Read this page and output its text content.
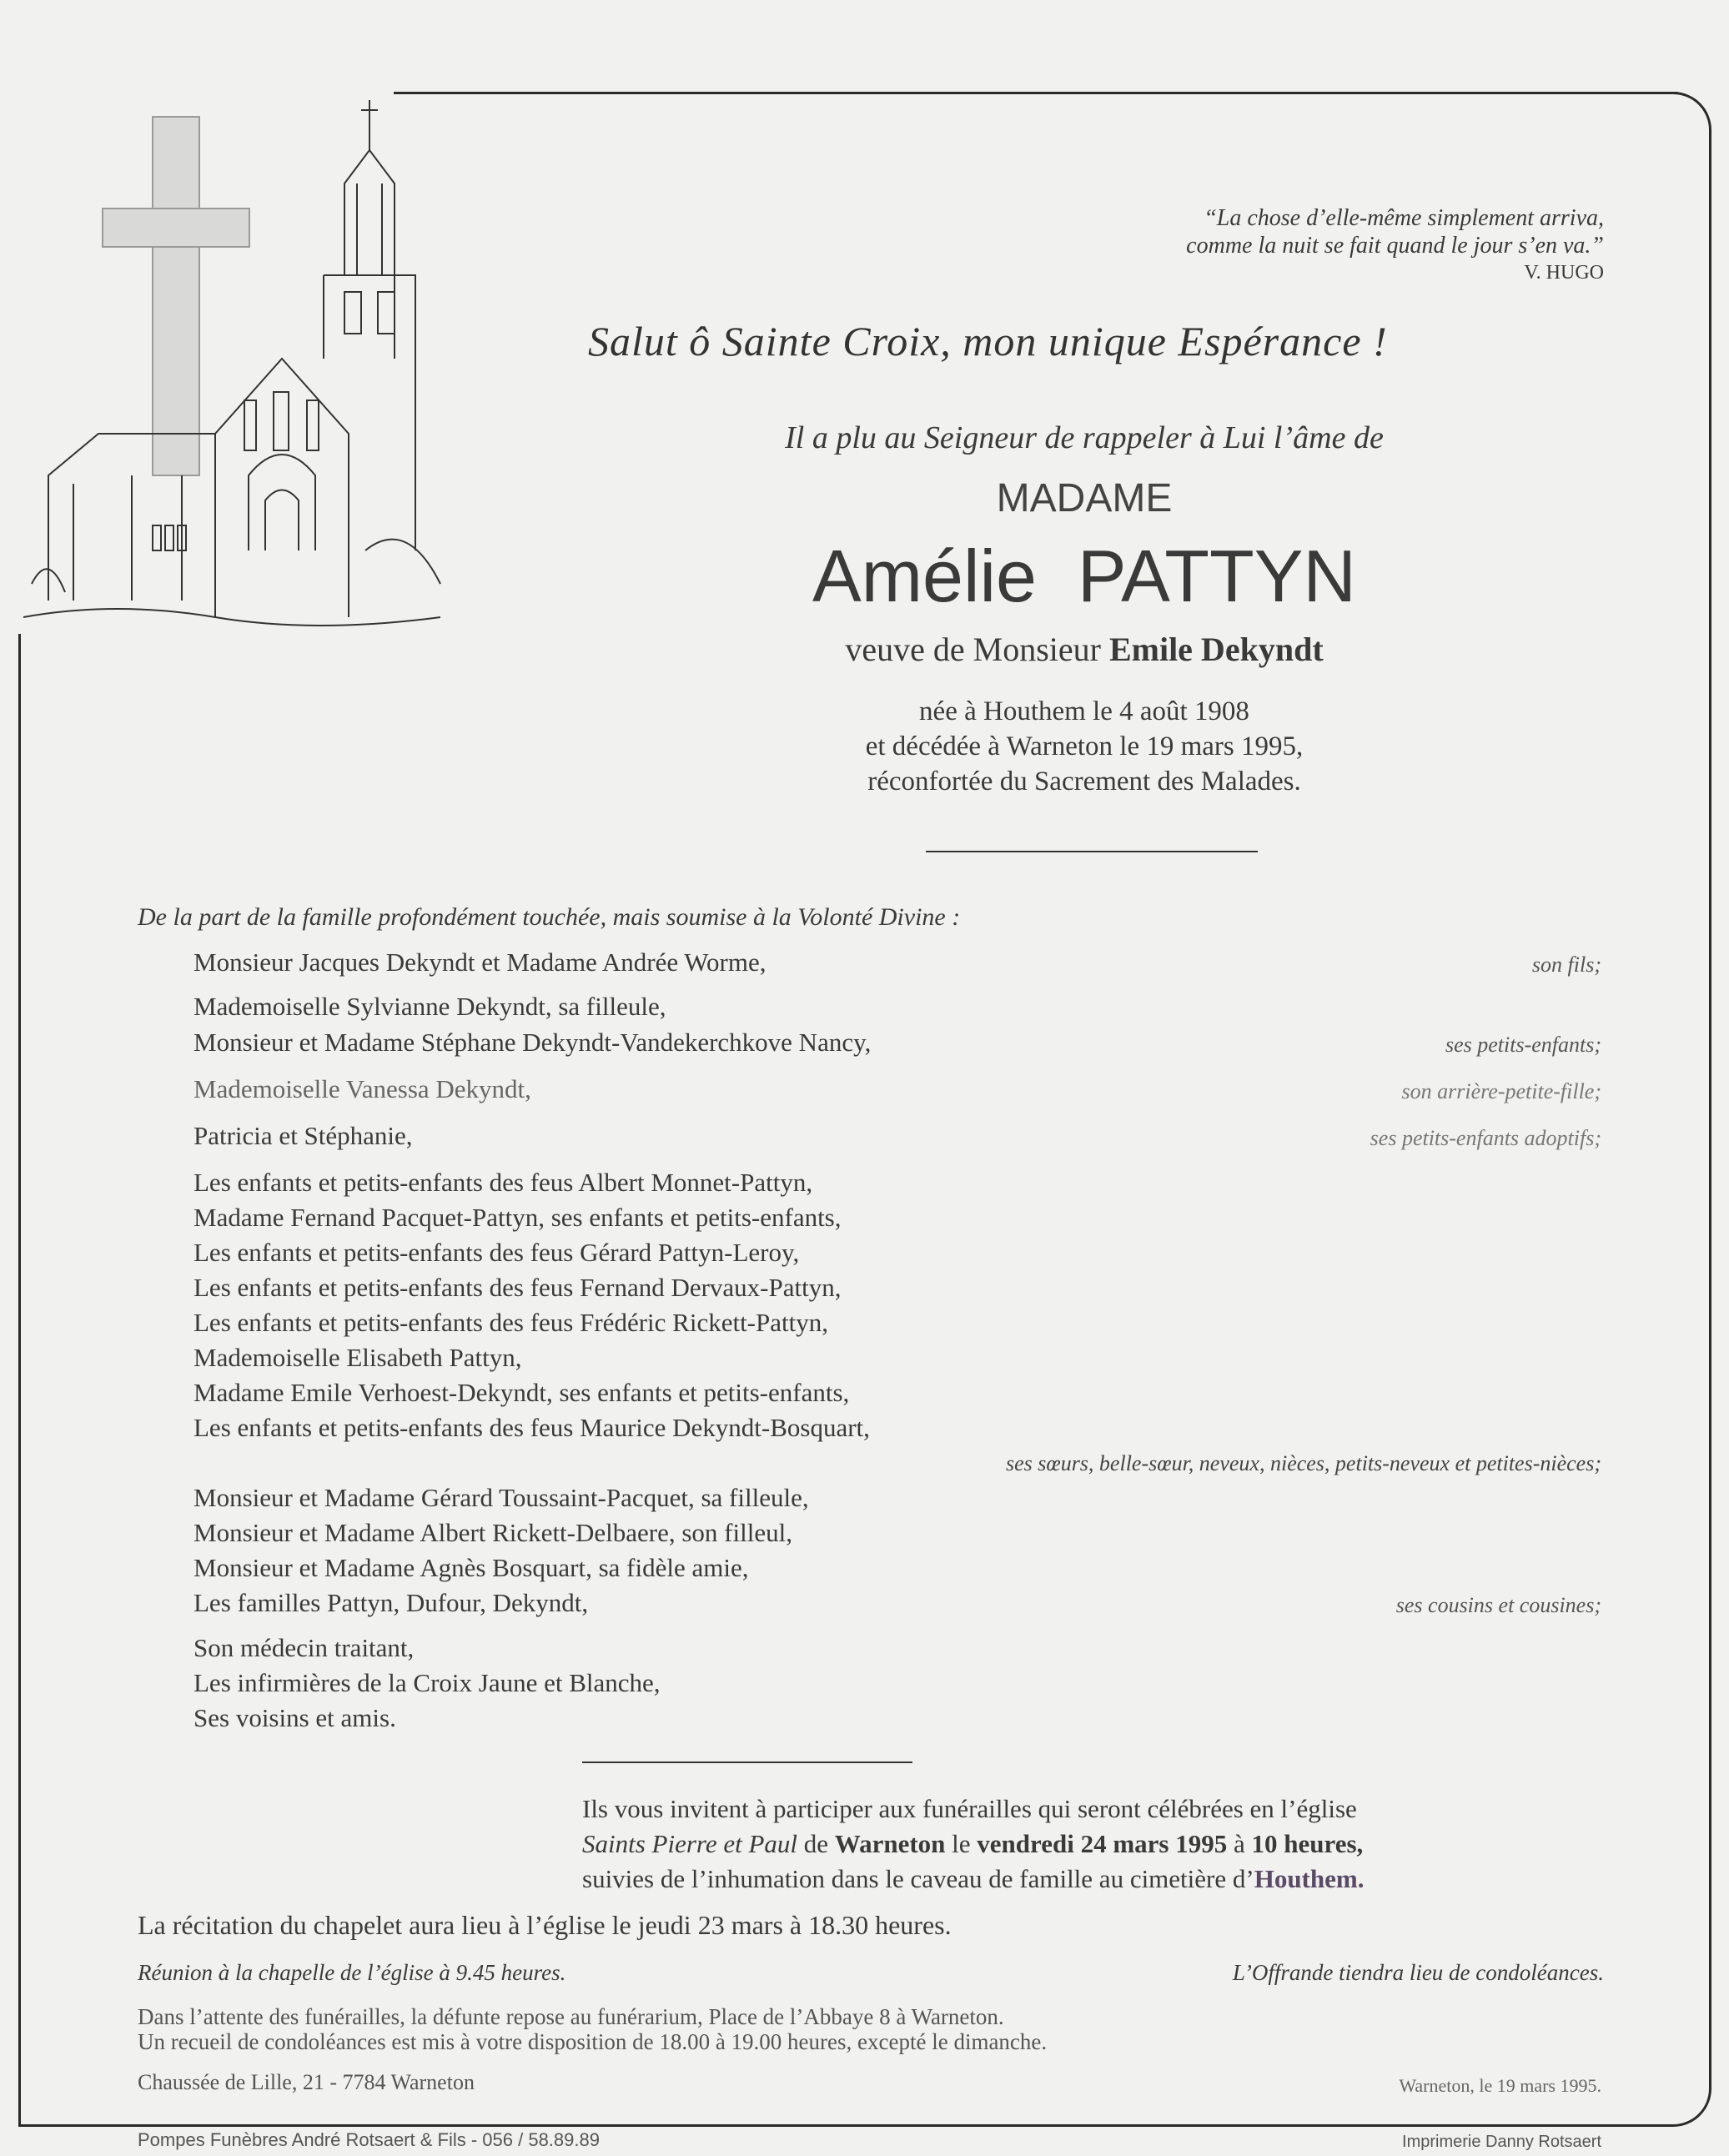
“La chose d’elle-même simplement arriva,
comme la nuit se fait quand le jour s’en va.”
V. HUGO
Salut ô Sainte Croix, mon unique Espérance !
Il a plu au Seigneur de rappeler à Lui l’âme de
MADAME
Amélie  PATTYN
veuve de Monsieur Emile Dekyndt
née à Houthem le 4 août 1908
et décédée à Warneton le 19 mars 1995,
réconfortée du Sacrement des Malades.
De la part de la famille profondément touchée, mais soumise à la Volonté Divine :
Monsieur Jacques Dekyndt et Madame Andrée Worme,	son fils;
Mademoiselle Sylvianne Dekyndt, sa filleule,
Monsieur et Madame Stéphane Dekyndt-Vandekerchkove Nancy,	ses petits-enfants;
Mademoiselle Vanessa Dekyndt,	son arrière-petite-fille;
Patricia et Stéphanie,	ses petits-enfants adoptifs;
Les enfants et petits-enfants des feus Albert Monnet-Pattyn,
Madame Fernand Pacquet-Pattyn, ses enfants et petits-enfants,
Les enfants et petits-enfants des feus Gérard Pattyn-Leroy,
Les enfants et petits-enfants des feus Fernand Dervaux-Pattyn,
Les enfants et petits-enfants des feus Frédéric Rickett-Pattyn,
Mademoiselle Elisabeth Pattyn,
Madame Emile Verhoest-Dekyndt, ses enfants et petits-enfants,
Les enfants et petits-enfants des feus Maurice Dekyndt-Bosquart,
ses sœurs, belle-sœur, neveux, nièces, petits-neveux et petites-nièces;
Monsieur et Madame Gérard Toussaint-Pacquet, sa filleule,
Monsieur et Madame Albert Rickett-Delbaere, son filleul,
Monsieur et Madame Agnès Bosquart, sa fidèle amie,
Les familles Pattyn, Dufour, Dekyndt,	ses cousins et cousines;
Son médecin traitant,
Les infirmières de la Croix Jaune et Blanche,
Ses voisins et amis.
Ils vous invitent à participer aux funérailles qui seront célébrées en l’église
Saints Pierre et Paul de Warneton le vendredi 24 mars 1995 à 10 heures,
suivies de l’inhumation dans le caveau de famille au cimetière d’Houthem.
La récitation du chapelet aura lieu à l’église le jeudi 23 mars à 18.30 heures.
Réunion à la chapelle de l’église à 9.45 heures.	L’Offrande tiendra lieu de condoléances.
Dans l’attente des funérailles, la défunte repose au funérarium, Place de l’Abbaye 8 à Warneton.
Un recueil de condoléances est mis à votre disposition de 18.00 à 19.00 heures, excepté le dimanche.
Chaussée de Lille, 21 - 7784 Warneton	Warneton, le 19 mars 1995.
Pompes Funèbres André Rotsaert & Fils - 056 / 58.89.89	Imprimerie Danny Rotsaert
